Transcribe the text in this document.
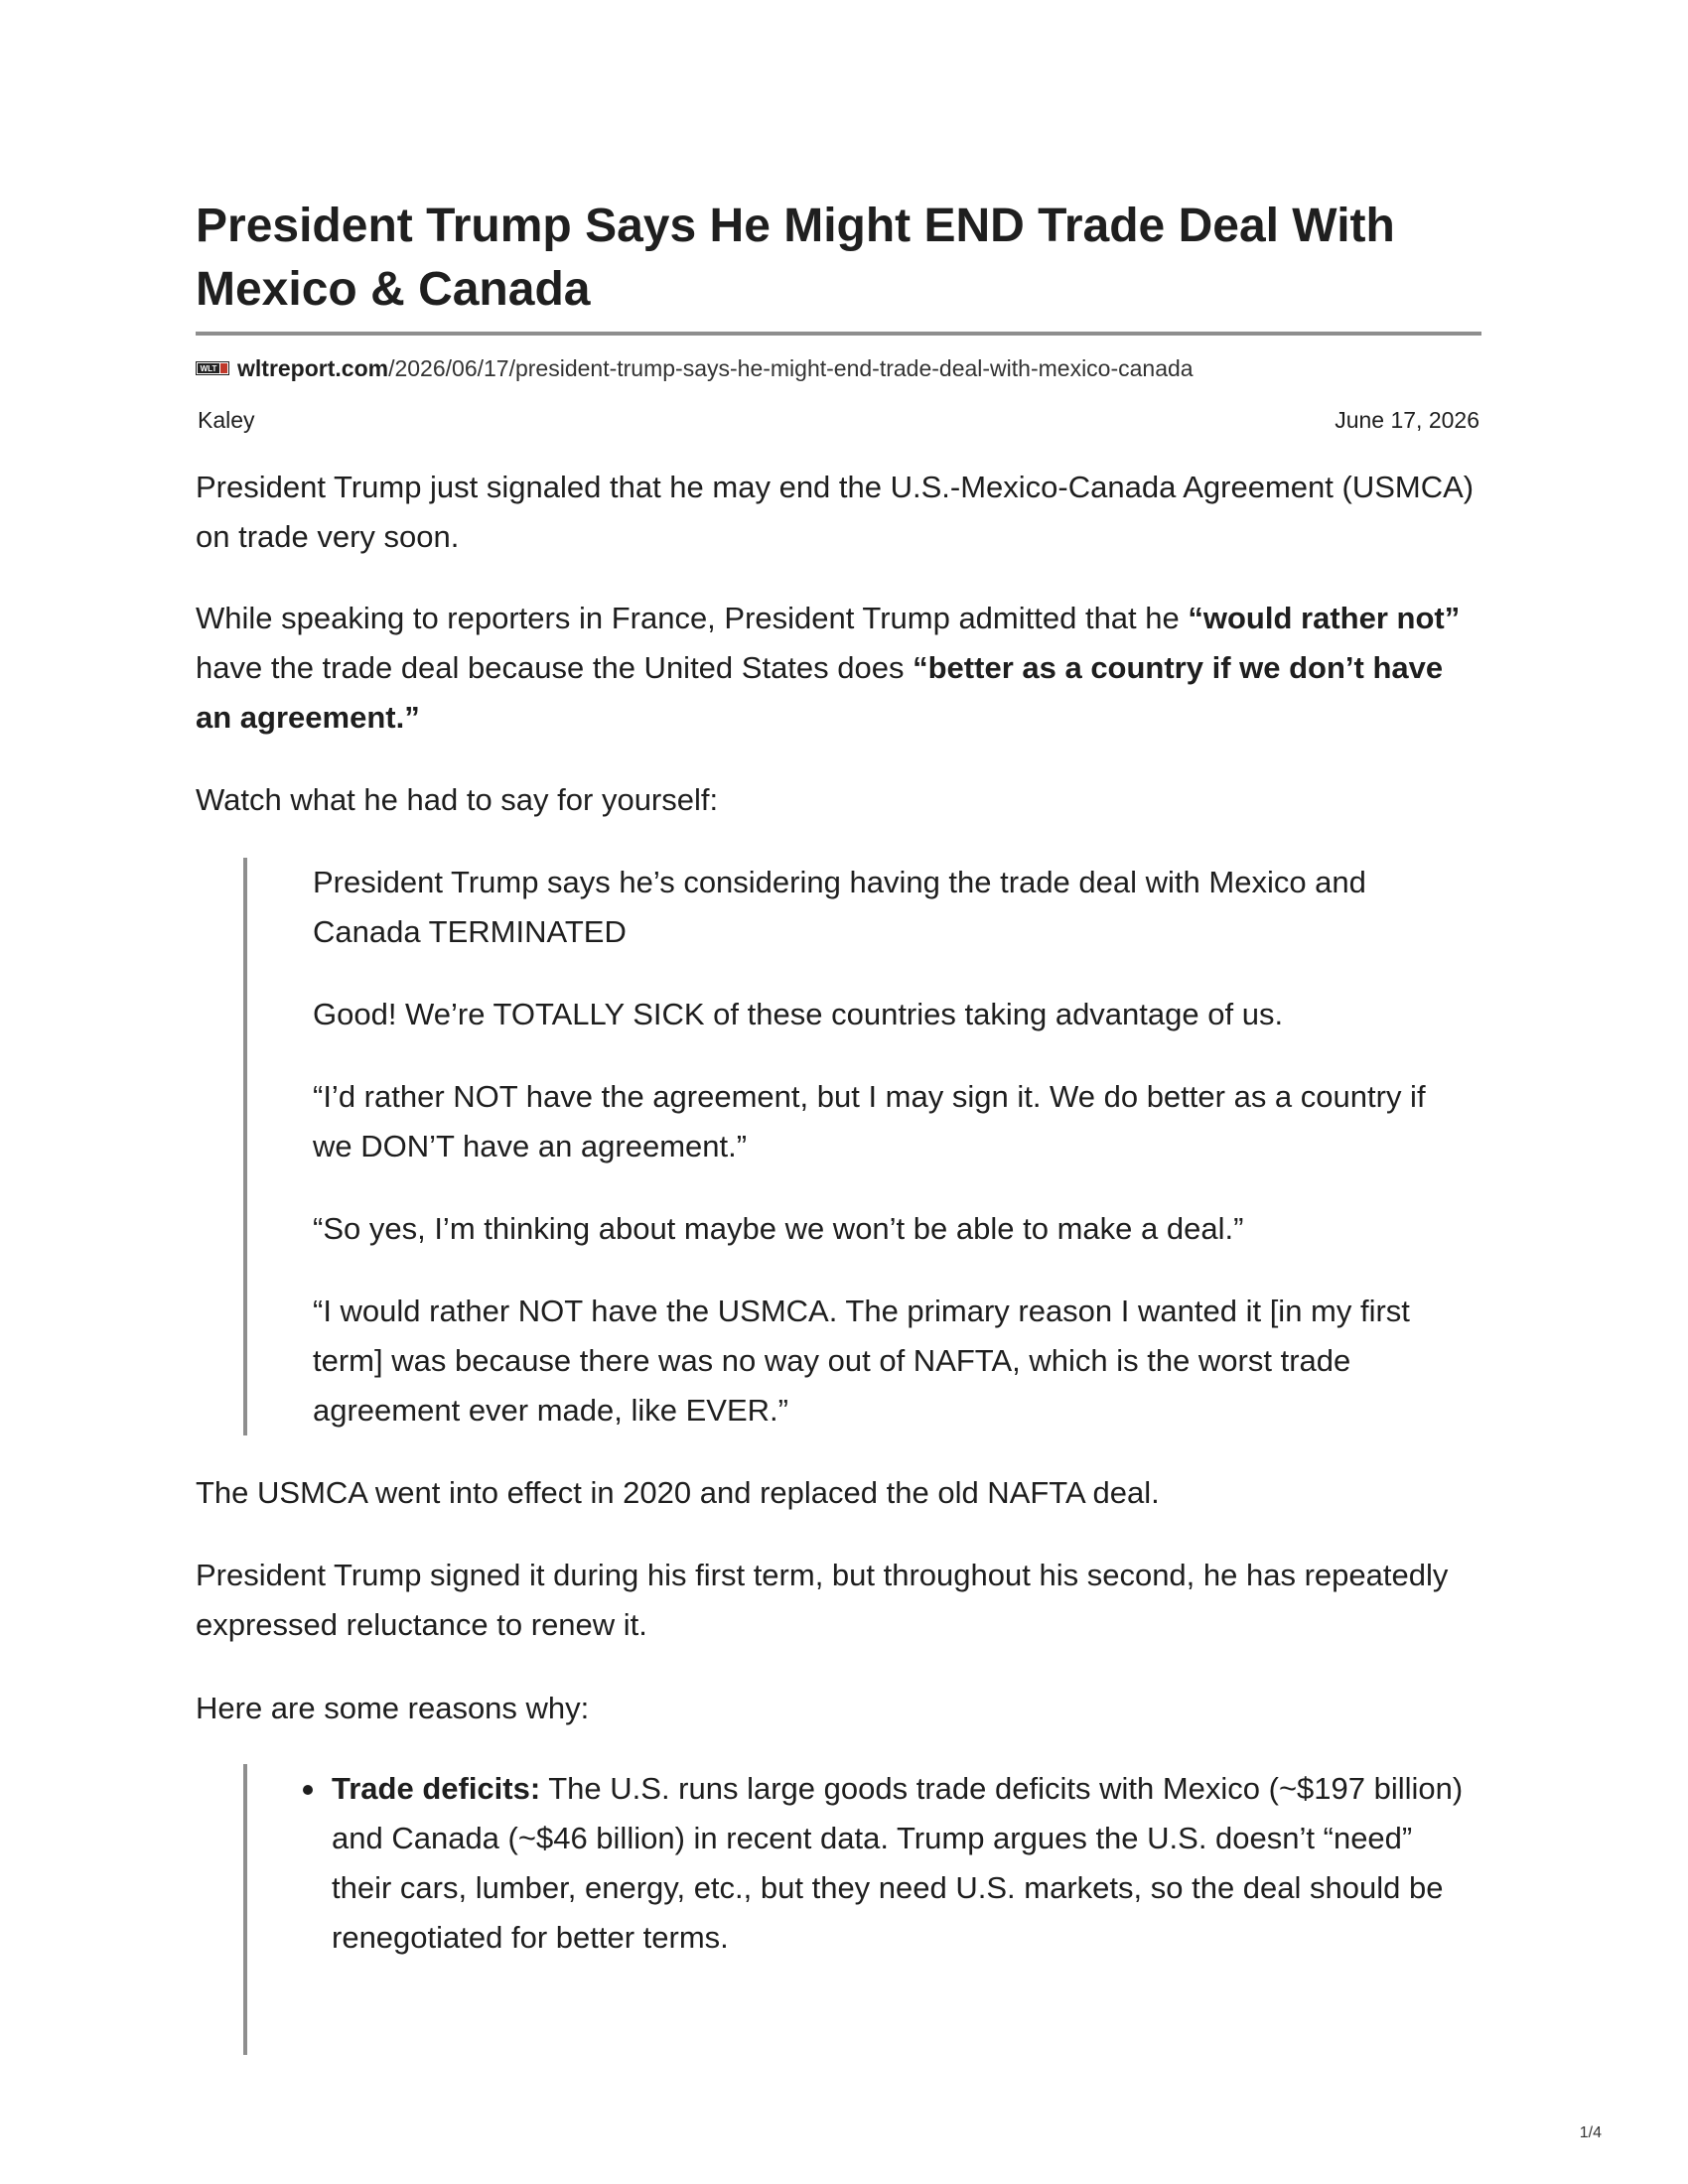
President Trump Says He Might END Trade Deal With Mexico & Canada
WLT wltreport.com/2026/06/17/president-trump-says-he-might-end-trade-deal-with-mexico-canada
Kaley	June 17, 2026

President Trump just signaled that he may end the U.S.-Mexico-Canada Agreement (USMCA) on trade very soon.

While speaking to reporters in France, President Trump admitted that he “would rather not” have the trade deal because the United States does “better as a country if we don’t have an agreement.”

Watch what he had to say for yourself:

President Trump says he’s considering having the trade deal with Mexico and Canada TERMINATED

Good! We’re TOTALLY SICK of these countries taking advantage of us.

“I’d rather NOT have the agreement, but I may sign it. We do better as a country if we DON’T have an agreement.”

“So yes, I’m thinking about maybe we won’t be able to make a deal.”

“I would rather NOT have the USMCA. The primary reason I wanted it [in my first term] was because there was no way out of NAFTA, which is the worst trade agreement ever made, like EVER.”

The USMCA went into effect in 2020 and replaced the old NAFTA deal.

President Trump signed it during his first term, but throughout his second, he has repeatedly expressed reluctance to renew it.

Here are some reasons why:

Trade deficits: The U.S. runs large goods trade deficits with Mexico (~$197 billion) and Canada (~$46 billion) in recent data. Trump argues the U.S. doesn’t “need” their cars, lumber, energy, etc., but they need U.S. markets, so the deal should be renegotiated for better terms.
1/4
